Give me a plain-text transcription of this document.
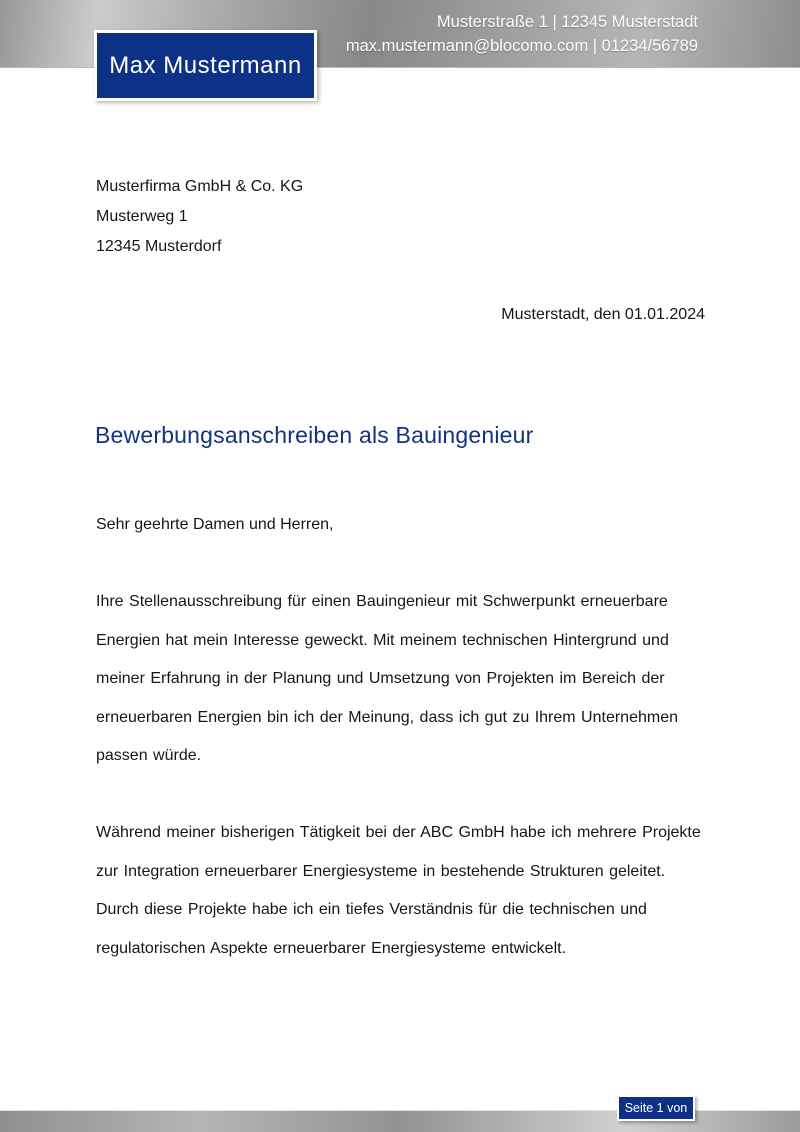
Musterstraße 1 | 12345 Musterstadt
max.mustermann@blocomo.com | 01234/56789
Max Mustermann
Musterfirma GmbH & Co. KG
Musterweg 1
12345 Musterdorf
Musterstadt, den 01.01.2024
Bewerbungsanschreiben als Bauingenieur
Sehr geehrte Damen und Herren,
Ihre Stellenausschreibung für einen Bauingenieur mit Schwerpunkt erneuerbare
Energien hat mein Interesse geweckt. Mit meinem technischen Hintergrund und
meiner Erfahrung in der Planung und Umsetzung von Projekten im Bereich der
erneuerbaren Energien bin ich der Meinung, dass ich gut zu Ihrem Unternehmen
passen würde.
Während meiner bisherigen Tätigkeit bei der ABC GmbH habe ich mehrere Projekte
zur Integration erneuerbarer Energiesysteme in bestehende Strukturen geleitet.
Durch diese Projekte habe ich ein tiefes Verständnis für die technischen und
regulatorischen Aspekte erneuerbarer Energiesysteme entwickelt.
Seite 1 von
